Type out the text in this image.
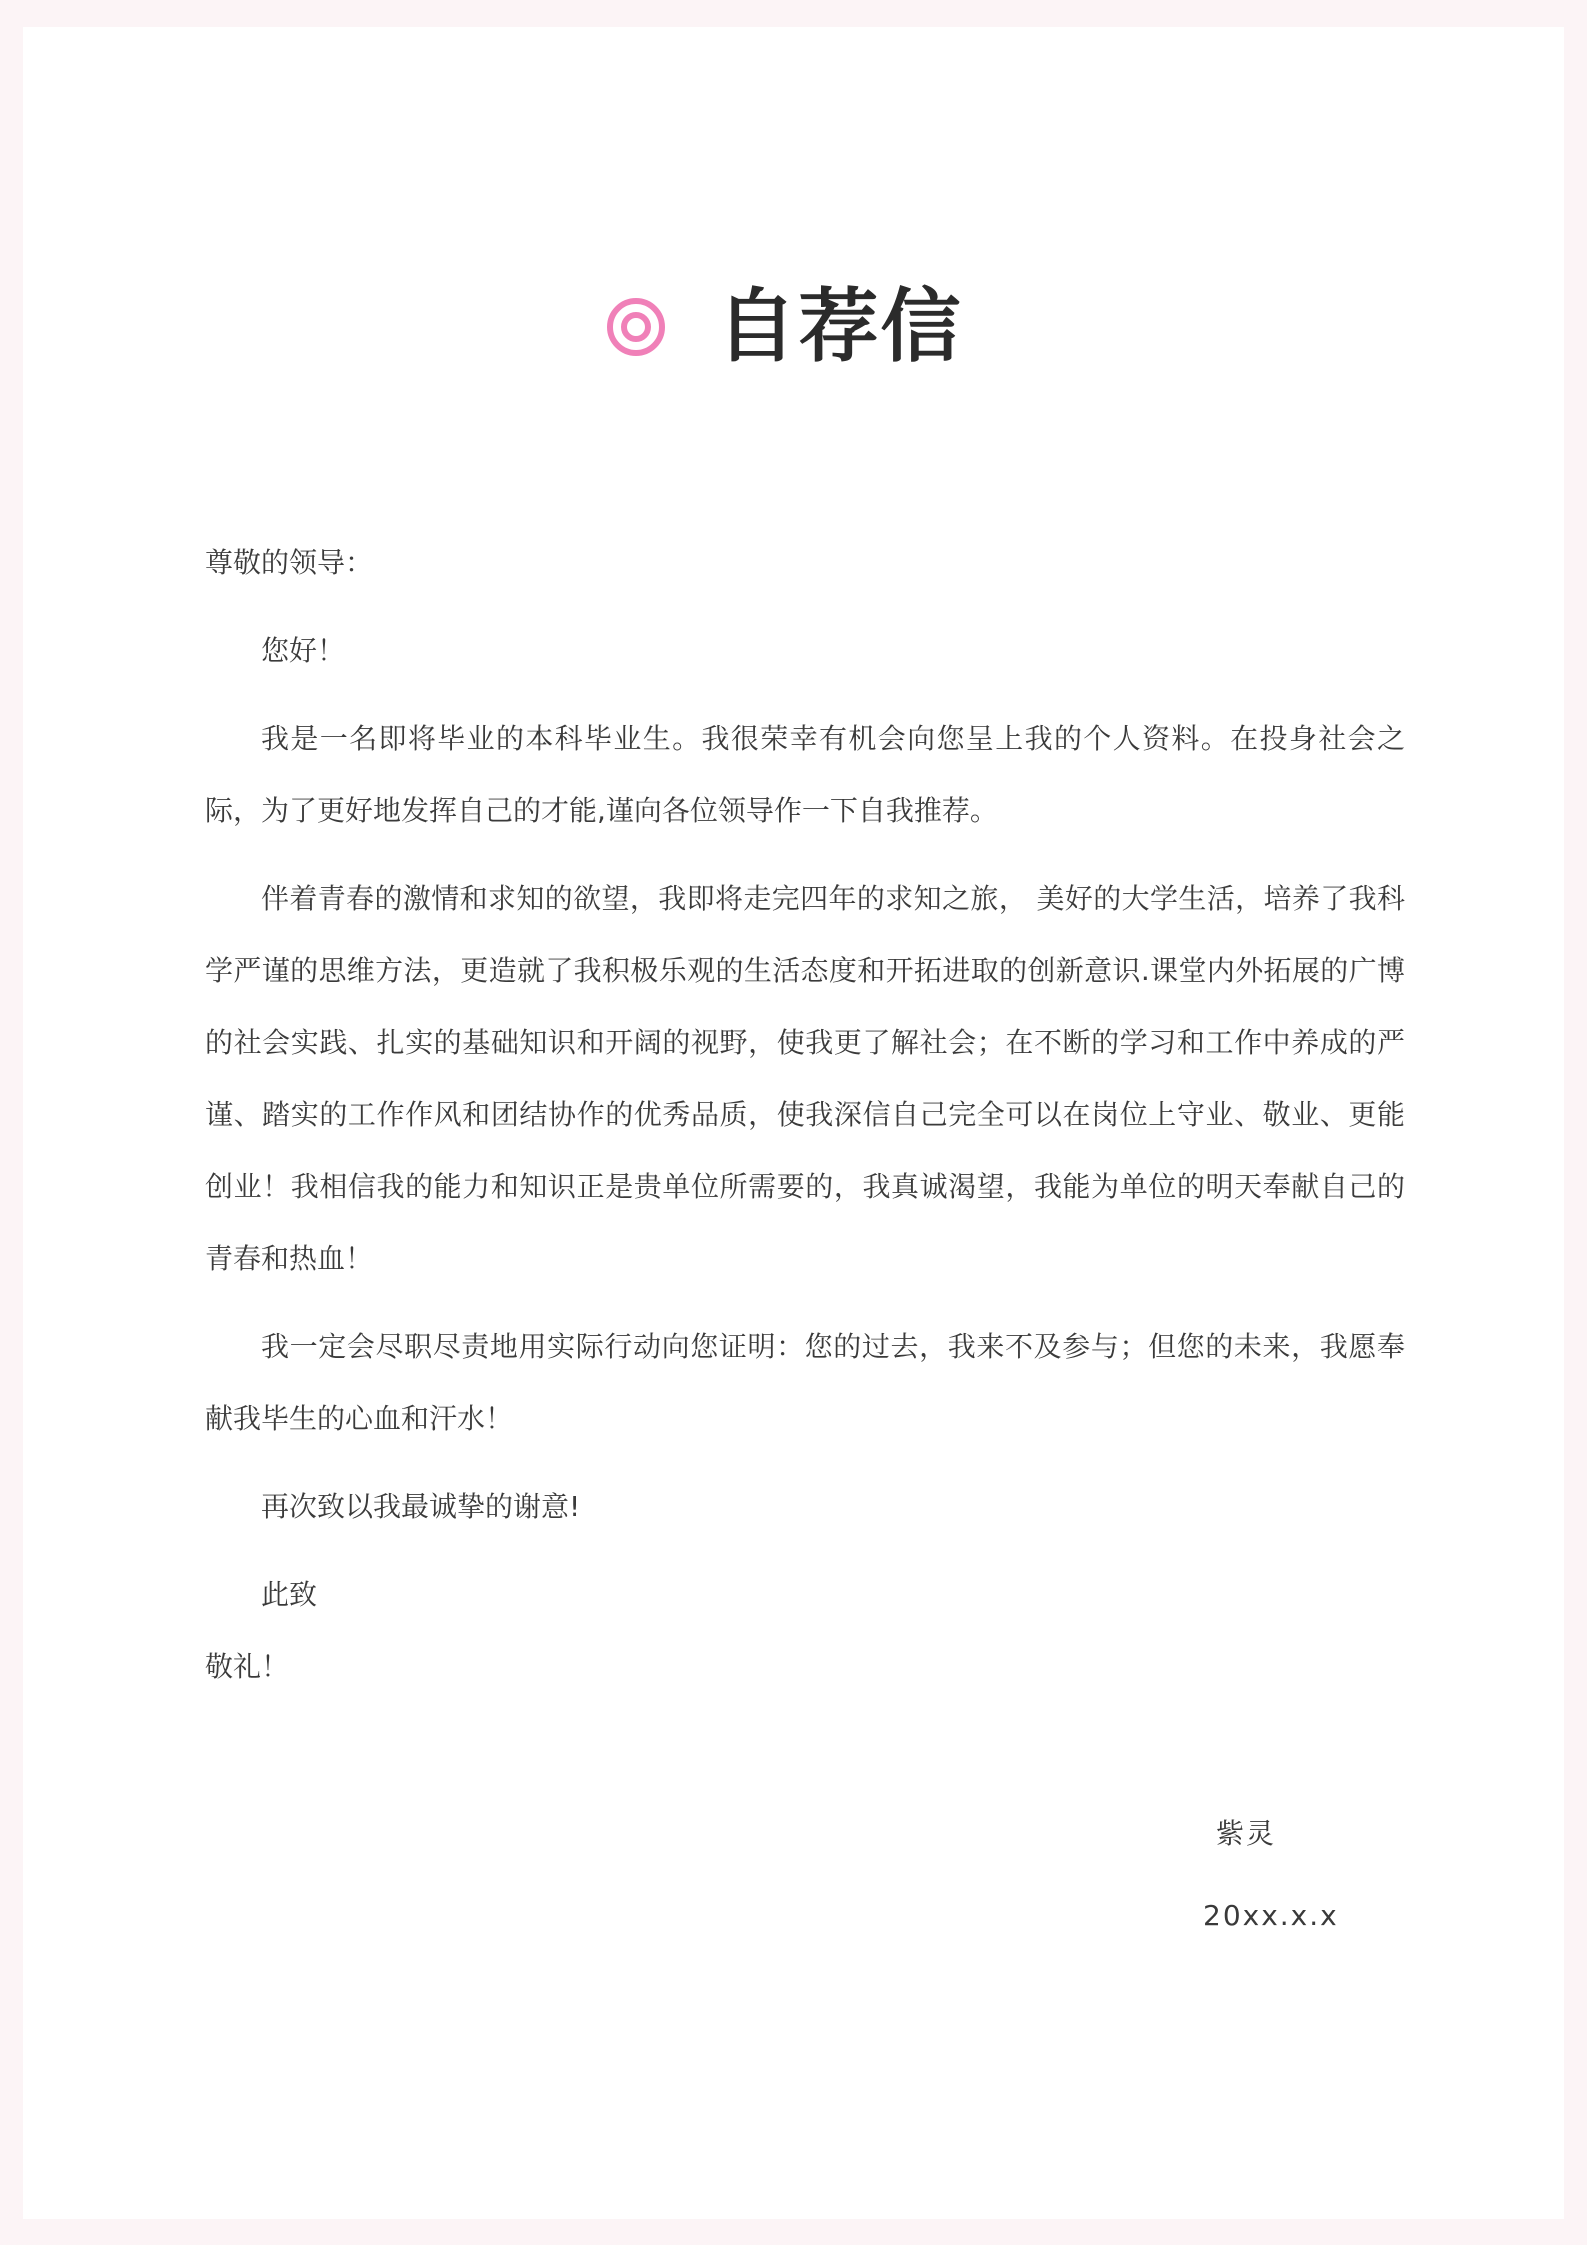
自荐信

尊敬的领导：

您好！

我是一名即将毕业的本科毕业生。我很荣幸有机会向您呈上我的个人资料。在投身社会之际，为了更好地发挥自己的才能,谨向各位领导作一下自我推荐。

伴着青春的激情和求知的欲望，我即将走完四年的求知之旅， 美好的大学生活，培养了我科学严谨的思维方法，更造就了我积极乐观的生活态度和开拓进取的创新意识.课堂内外拓展的广博的社会实践、扎实的基础知识和开阔的视野，使我更了解社会；在不断的学习和工作中养成的严谨、踏实的工作作风和团结协作的优秀品质，使我深信自己完全可以在岗位上守业、敬业、更能创业！我相信我的能力和知识正是贵单位所需要的，我真诚渴望，我能为单位的明天奉献自己的青春和热血！

我一定会尽职尽责地用实际行动向您证明：您的过去，我来不及参与；但您的未来，我愿奉献我毕生的心血和汗水！

再次致以我最诚挚的谢意!

此致

敬礼！

紫灵
20xx.x.x
